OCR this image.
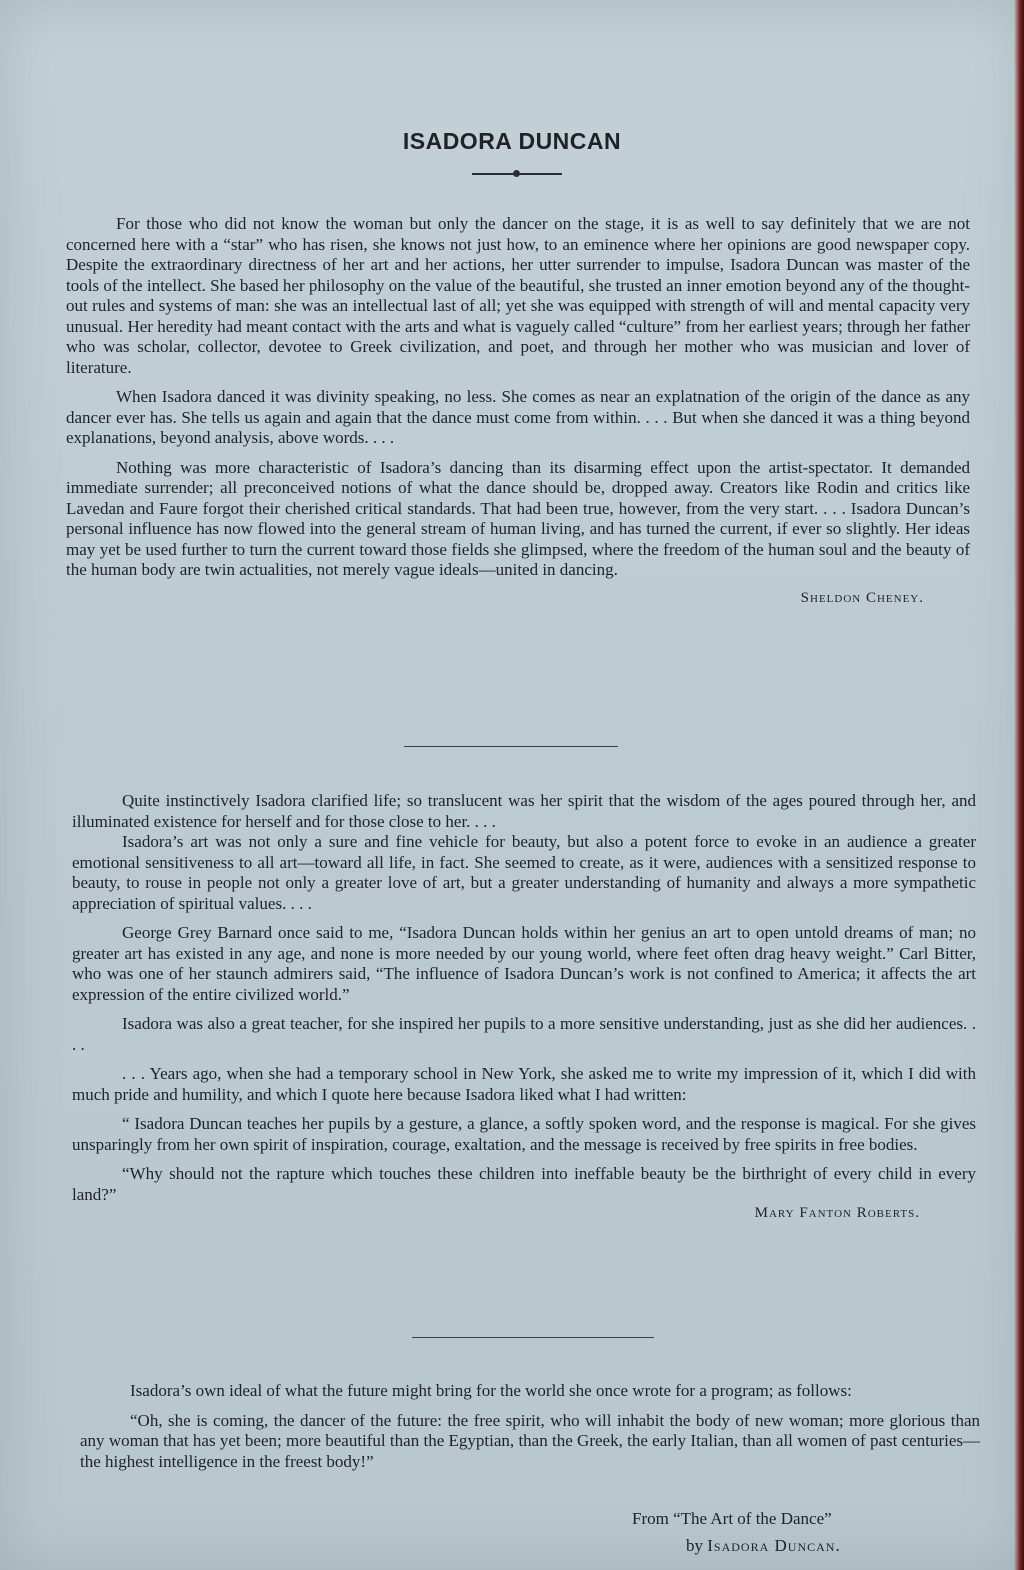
ISADORA DUNCAN

For those who did not know the woman but only the dancer on the stage, it is as well to say definitely that we are not concerned here with a “star” who has risen, she knows not just how, to an eminence where her opinions are good newspaper copy. Despite the extraordinary directness of her art and her actions, her utter surrender to impulse, Isadora Duncan was master of the tools of the intellect. She based her philosophy on the value of the beautiful, she trusted an inner emotion beyond any of the thought-out rules and systems of man: she was an intellectual last of all; yet she was equipped with strength of will and mental capacity very unusual. Her heredity had meant contact with the arts and what is vaguely called “culture” from her earliest years; through her father who was scholar, collector, devotee to Greek civilization, and poet, and through her mother who was musician and lover of literature.

When Isadora danced it was divinity speaking, no less. She comes as near an explatnation of the origin of the dance as any dancer ever has. She tells us again and again that the dance must come from within. . . . But when she danced it was a thing beyond explanations, beyond analysis, above words. . . .

Nothing was more characteristic of Isadora’s dancing than its disarming effect upon the artist-spectator. It demanded immediate surrender; all preconceived notions of what the dance should be, dropped away. Creators like Rodin and critics like Lavedan and Faure forgot their cherished critical standards. That had been true, however, from the very start. . . . Isadora Duncan’s personal influence has now flowed into the general stream of human living, and has turned the current, if ever so slightly. Her ideas may yet be used further to turn the current toward those fields she glimpsed, where the freedom of the human soul and the beauty of the human body are twin actualities, not merely vague ideals—united in dancing.

Sheldon Cheney.

Quite instinctively Isadora clarified life; so translucent was her spirit that the wisdom of the ages poured through her, and illuminated existence for herself and for those close to her. . . .

Isadora’s art was not only a sure and fine vehicle for beauty, but also a potent force to evoke in an audience a greater emotional sensitiveness to all art—toward all life, in fact. She seemed to create, as it were, audiences with a sensitized response to beauty, to rouse in people not only a greater love of art, but a greater understanding of humanity and always a more sympathetic appreciation of spiritual values. . . .

George Grey Barnard once said to me, “Isadora Duncan holds within her genius an art to open untold dreams of man; no greater art has existed in any age, and none is more needed by our young world, where feet often drag heavy weight.” Carl Bitter, who was one of her staunch admirers said, “The influence of Isadora Duncan’s work is not confined to America; it affects the art expression of the entire civilized world.”

Isadora was also a great teacher, for she inspired her pupils to a more sensitive understanding, just as she did her audiences. . . .

. . . Years ago, when she had a temporary school in New York, she asked me to write my impression of it, which I did with much pride and humility, and which I quote here because Isadora liked what I had written:

“ Isadora Duncan teaches her pupils by a gesture, a glance, a softly spoken word, and the response is magical. For she gives unsparingly from her own spirit of inspiration, courage, exaltation, and the message is received by free spirits in free bodies.

“Why should not the rapture which touches these children into ineffable beauty be the birthright of every child in every land?”

Mary Fanton Roberts.

Isadora’s own ideal of what the future might bring for the world she once wrote for a program; as follows:

“Oh, she is coming, the dancer of the future: the free spirit, who will inhabit the body of new woman; more glorious than any woman that has yet been; more beautiful than the Egyptian, than the Greek, the early Italian, than all women of past centuries—the highest intelligence in the freest body!”

From “The Art of the Dance”
by Isadora Duncan.
